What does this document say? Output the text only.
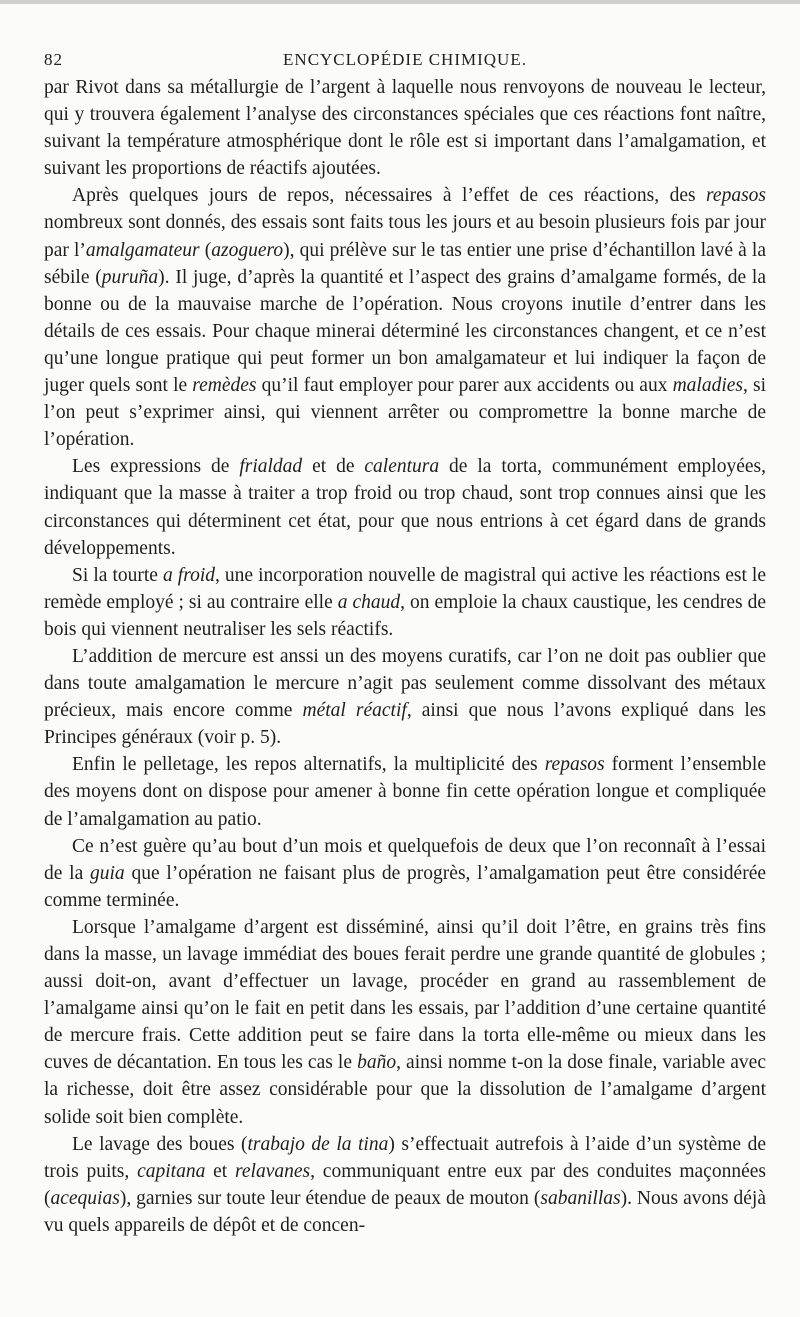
82	ENCYCLOPÉDIE CHIMIQUE.

par Rivot dans sa métallurgie de l’argent à laquelle nous renvoyons de nouveau le lecteur, qui y trouvera également l’analyse des circonstances spéciales que ces réactions font naître, suivant la température atmosphérique dont le rôle est si important dans l’amalgamation, et suivant les proportions de réactifs ajoutées.

Après quelques jours de repos, nécessaires à l’effet de ces réactions, des repasos nombreux sont donnés, des essais sont faits tous les jours et au besoin plusieurs fois par jour par l’amalgamateur (azoguero), qui prélève sur le tas entier une prise d’échantillon lavé à la sébile (puruña). Il juge, d’après la quantité et l’aspect des grains d’amalgame formés, de la bonne ou de la mauvaise marche de l’opération. Nous croyons inutile d’entrer dans les détails de ces essais. Pour chaque minerai déterminé les circonstances changent, et ce n’est qu’une longue pratique qui peut former un bon amalgamateur et lui indiquer la façon de juger quels sont le remèdes qu’il faut employer pour parer aux accidents ou aux maladies, si l’on peut s’exprimer ainsi, qui viennent arrêter ou compromettre la bonne marche de l’opération.

Les expressions de frialdad et de calentura de la torta, communément employées, indiquant que la masse à traiter a trop froid ou trop chaud, sont trop connues ainsi que les circonstances qui déterminent cet état, pour que nous entrions à cet égard dans de grands développements.

Si la tourte a froid, une incorporation nouvelle de magistral qui active les réactions est le remède employé ; si au contraire elle a chaud, on emploie la chaux caustique, les cendres de bois qui viennent neutraliser les sels réactifs.

L’addition de mercure est anssi un des moyens curatifs, car l’on ne doit pas oublier que dans toute amalgamation le mercure n’agit pas seulement comme dissolvant des métaux précieux, mais encore comme métal réactif, ainsi que nous l’avons expliqué dans les Principes généraux (voir p. 5).

Enfin le pelletage, les repos alternatifs, la multiplicité des repasos forment l’ensemble des moyens dont on dispose pour amener à bonne fin cette opération longue et compliquée de l’amalgamation au patio.

Ce n’est guère qu’au bout d’un mois et quelquefois de deux que l’on reconnaît à l’essai de la guia que l’opération ne faisant plus de progrès, l’amalgamation peut être considérée comme terminée.

Lorsque l’amalgame d’argent est disséminé, ainsi qu’il doit l’être, en grains très fins dans la masse, un lavage immédiat des boues ferait perdre une grande quantité de globules ; aussi doit-on, avant d’effectuer un lavage, procéder en grand au rassemblement de l’amalgame ainsi qu’on le fait en petit dans les essais, par l’addition d’une certaine quantité de mercure frais. Cette addition peut se faire dans la torta elle-même ou mieux dans les cuves de décantation. En tous les cas le baño, ainsi nomme t-on la dose finale, variable avec la richesse, doit être assez considérable pour que la dissolution de l’amalgame d’argent solide soit bien complète.

Le lavage des boues (trabajo de la tina) s’effectuait autrefois à l’aide d’un système de trois puits, capitana et relavanes, communiquant entre eux par des conduites maçonnées (acequias), garnies sur toute leur étendue de peaux de mouton (sabanillas). Nous avons déjà vu quels appareils de dépôt et de concen-
